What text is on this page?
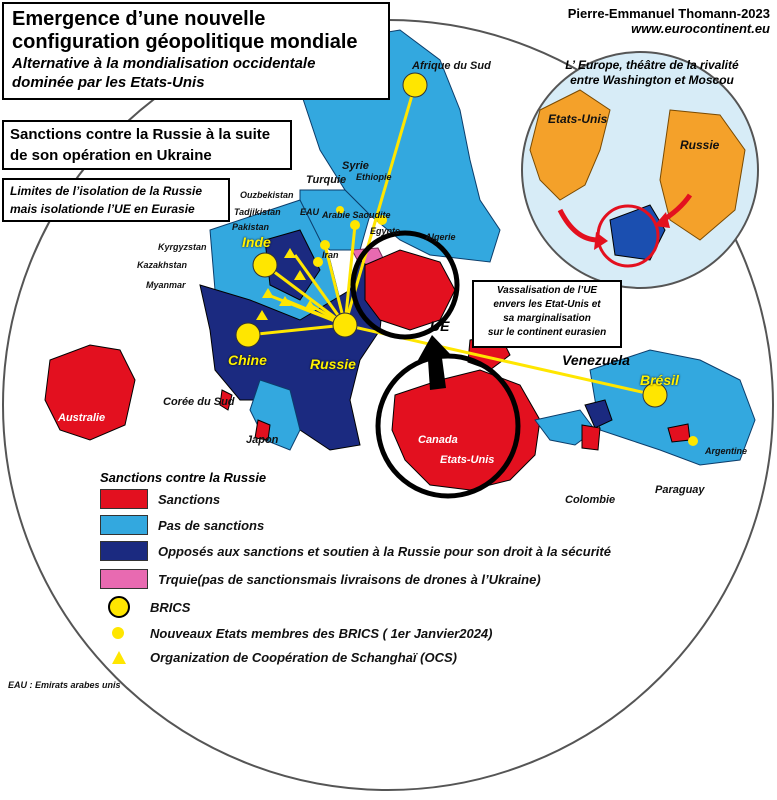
Emergence d’une nouvelle
configuration géopolitique mondiale
Alternative à la mondialisation occidentale
dominée par les Etats-Unis
Pierre-Emmanuel Thomann-2023
www.eurocontinent.eu
Sanctions contre la Russie à la suite
de son opération en Ukraine
Limites de l’isolation de la Russie
mais isolationde l’UE en Eurasie
Vassalisation de l’UE
envers les Etat-Unis et
sa marginalisation
sur le continent eurasien
L’ Europe, théâtre de la rivalité
entre Washington et Moscou
Etats-Unis
Russie
Afrique du Sud
Syrie
Turquie Ethiopie
Ouzbekistan
EAU Arabie Saoudite
Tadjikistan
Egypte
Algerie
Pakistan
Inde
Iran
Kyrgyzstan
Kazakhstan
Myanmar
Chine	Russie
UE
Australie
Corée du Sud
Japon	Canada
Etats-Unis
Venezuela
Brésil
Argentine
Colombie
Paraguay
Sanctions contre la Russie
Sanctions
Pas de sanctions
Opposés aux sanctions et soutien à la Russie pour son droit à la sécurité
Trquie(pas de sanctionsmais livraisons de drones à l’Ukraine)
BRICS
Nouveaux Etats membres des BRICS ( 1er Janvier2024)
Organization de Coopération de Schanghaï (OCS)
EAU : Emirats arabes unis
